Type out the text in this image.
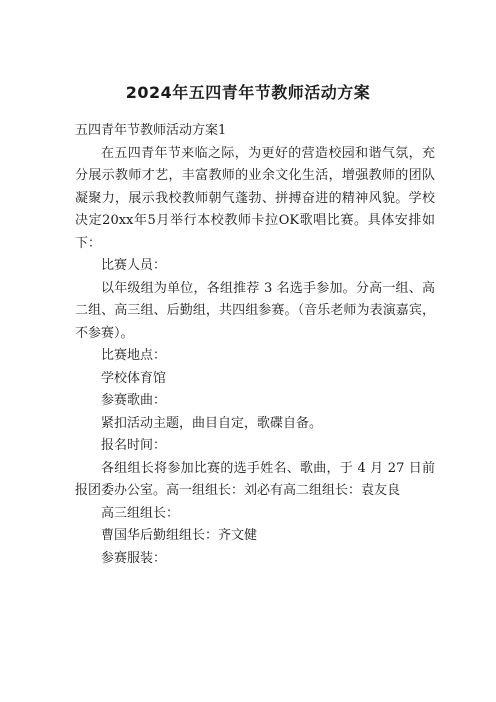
2024年五四青年节教师活动方案

五四青年节教师活动方案1

在五四青年节来临之际，为更好的营造校园和谐气氛，充分展示教师才艺，丰富教师的业余文化生活，增强教师的团队凝聚力，展示我校教师朝气蓬勃、拼搏奋进的精神风貌。学校决定20xx年5月举行本校教师卡拉OK歌唱比赛。具体安排如下：

比赛人员：

以年级组为单位，各组推荐 3 名选手参加。分高一组、高二组、高三组、后勤组，共四组参赛。（音乐老师为表演嘉宾，不参赛）。

比赛地点：

学校体育馆

参赛歌曲：

紧扣活动主题，曲目自定，歌碟自备。

报名时间：

各组组长将参加比赛的选手姓名、歌曲，于 4 月 27 日前报团委办公室。高一组组长：刘必有高二组组长：袁友良

高三组组长：

曹国华后勤组组长：齐文健

参赛服装：
